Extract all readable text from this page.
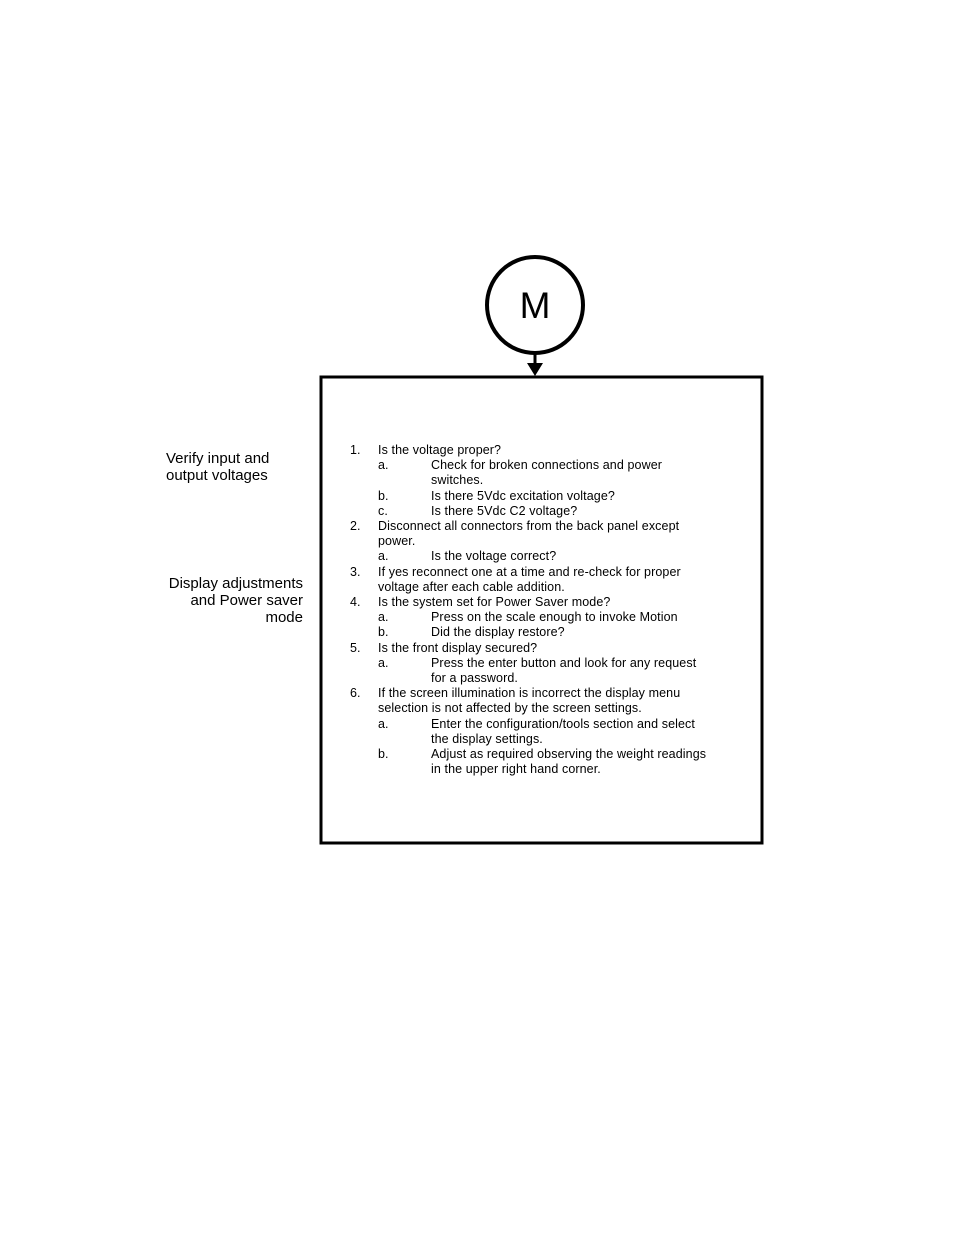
M
Verify input and
output voltages
Display adjustments
and Power saver
mode
1.	Is the voltage proper?
a.	Check for broken connections and power
switches.
b.	Is there 5Vdc excitation voltage?
c.	Is there 5Vdc C2 voltage?
2.	Disconnect all connectors from the back panel except
power.
a.	Is the voltage correct?
3.	If yes reconnect one at a time and re-check for proper
voltage after each cable addition.
4.	Is the system set for Power Saver mode?
a.	Press on the scale enough to invoke Motion
b.	Did the display restore?
5.	Is the front display secured?
a.	Press the enter button and look for any request
for a password.
6.	If the screen illumination is incorrect the display menu
selection is not affected by the screen settings.
a.	Enter the configuration/tools section and select
the display settings.
b.	Adjust as required observing the weight readings
in the upper right hand corner.
